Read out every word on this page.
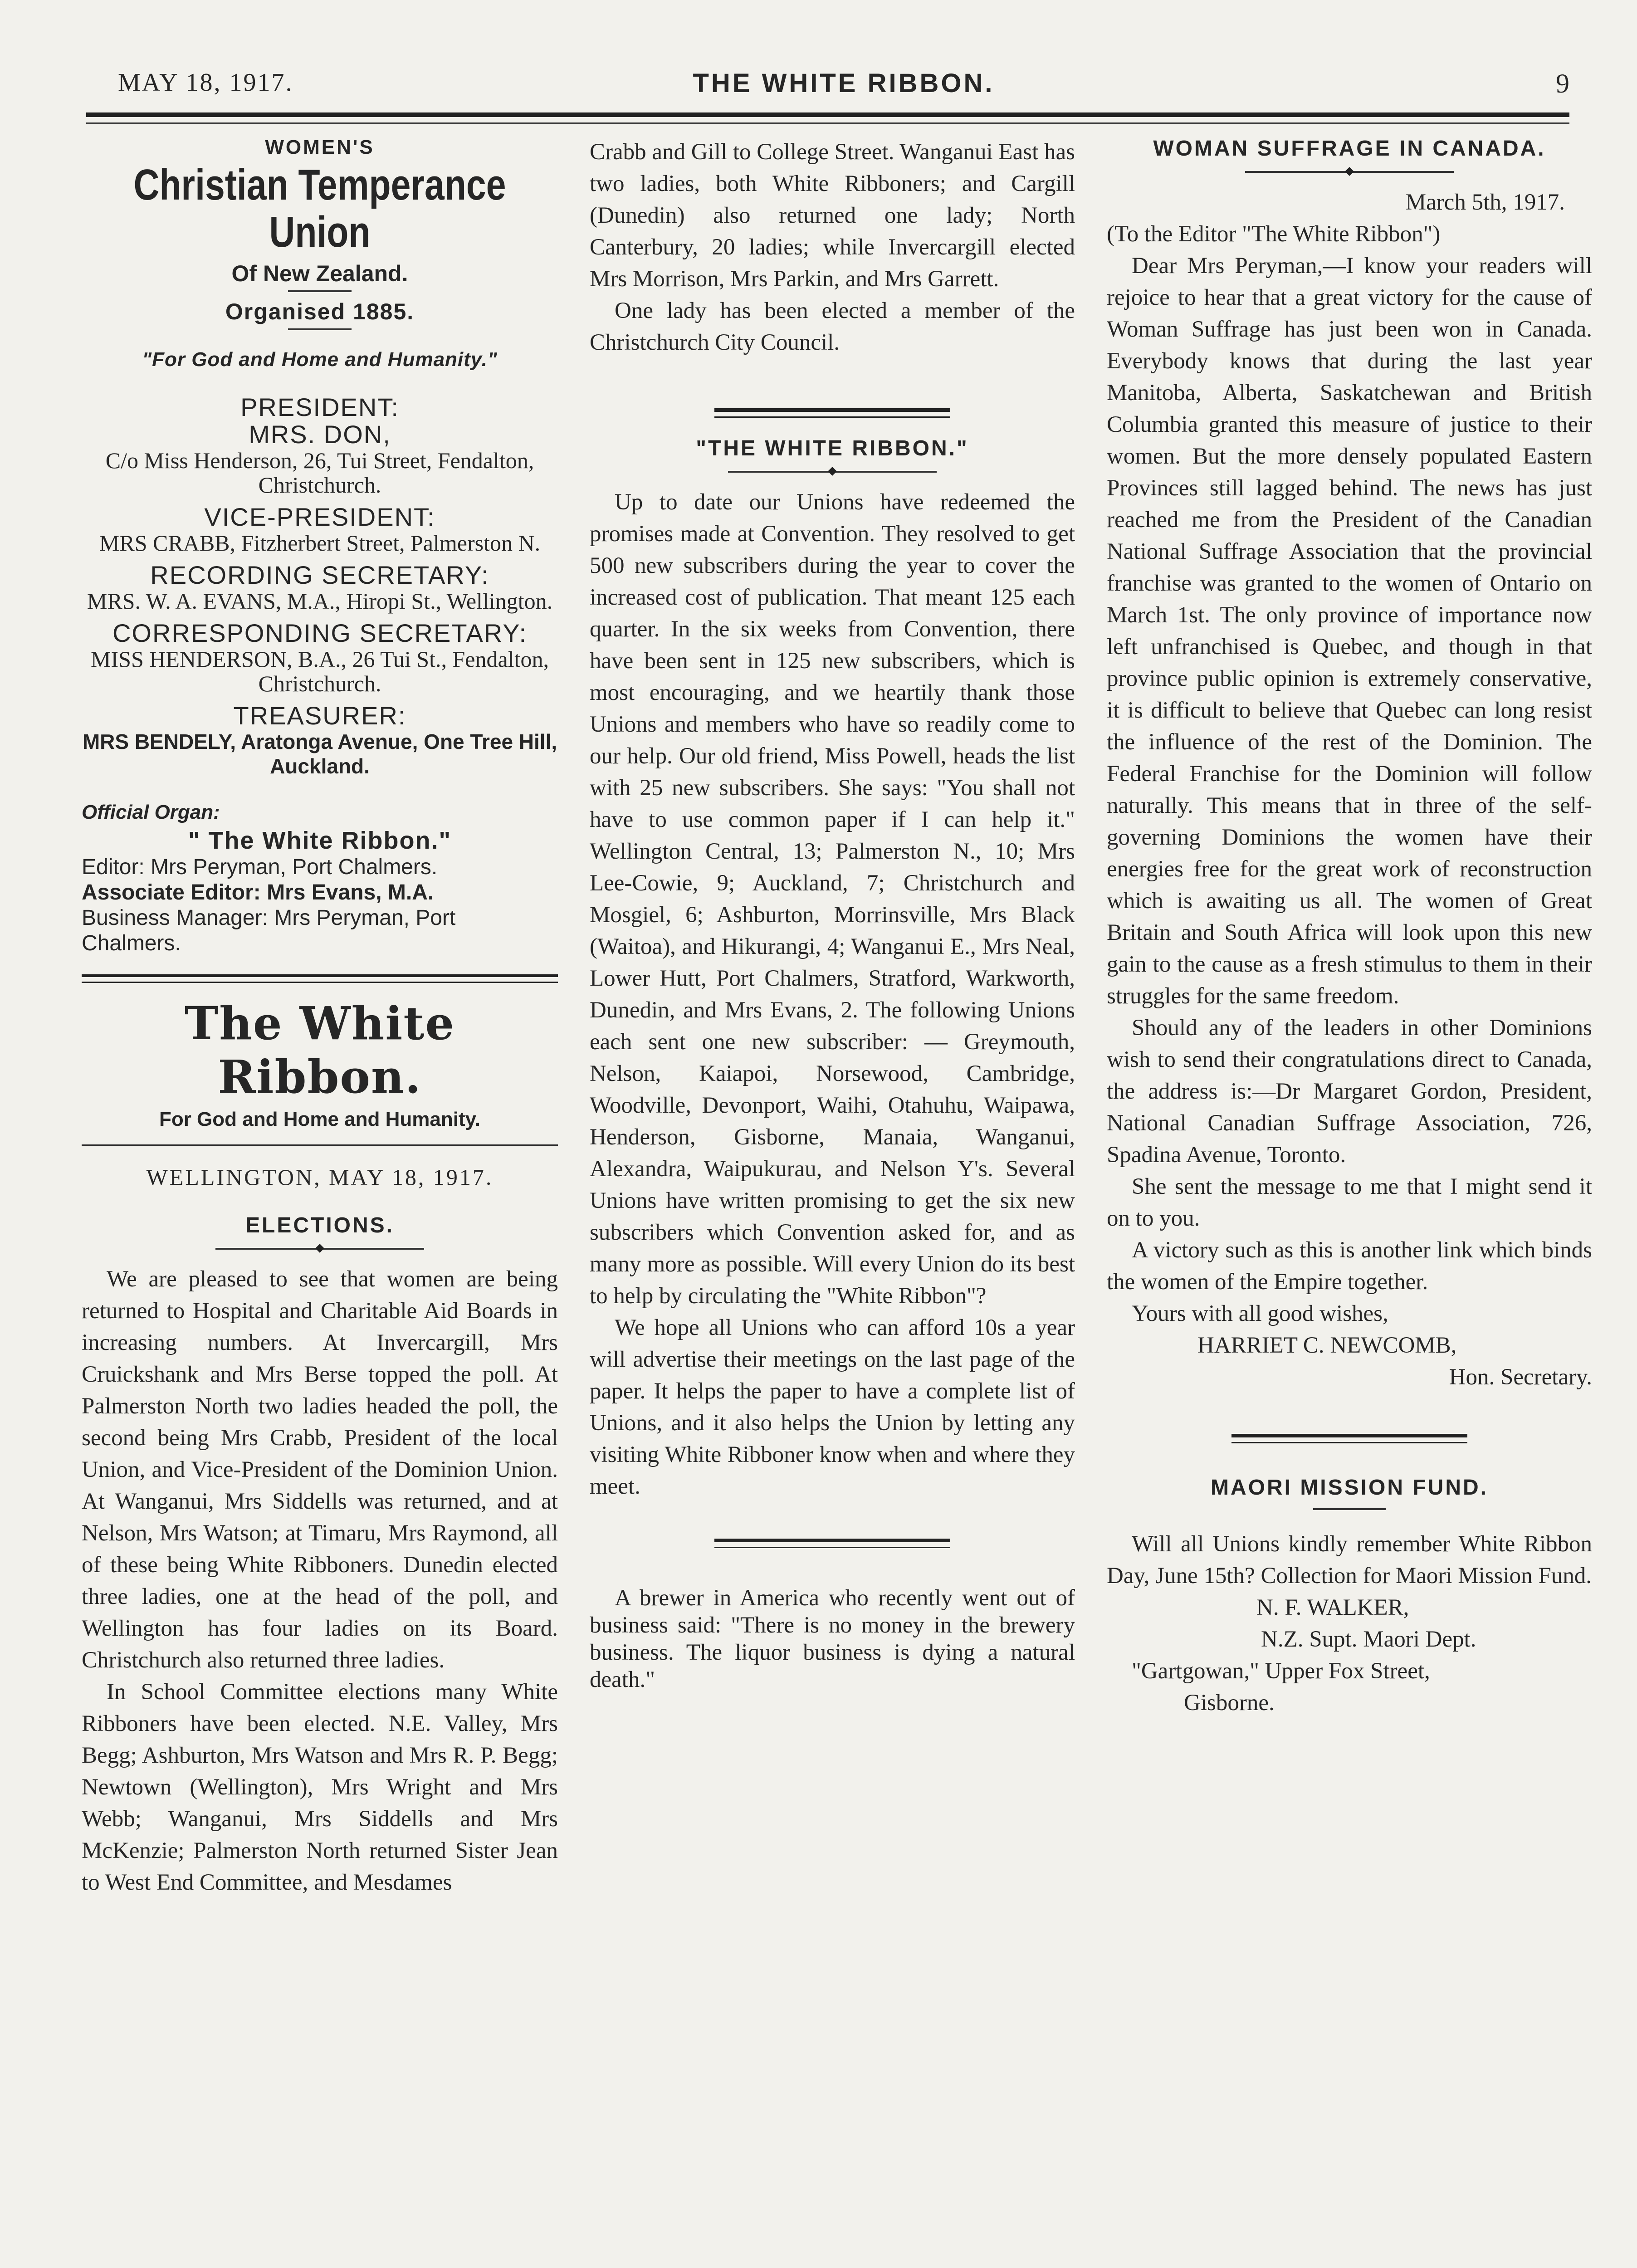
MAY 18, 1917.	THE WHITE RIBBON.	9

WOMEN'S

Christian Temperance Union

Of New Zealand.

Organised 1885.

"For God and Home and Humanity."

PRESIDENT:

MRS. DON,

C/o Miss Henderson, 26, Tui Street, Fendalton, Christchurch.

VICE-PRESIDENT:

MRS CRABB, Fitzherbert Street, Palmerston N.

RECORDING SECRETARY:

MRS. W. A. EVANS, M.A., Hiropi St., Wellington.

CORRESPONDING SECRETARY:

MISS HENDERSON, B.A., 26 Tui St., Fendalton, Christchurch.

TREASURER:

MRS BENDELY, Aratonga Avenue, One Tree Hill, Auckland.

Official Organ:

" The White Ribbon."

Editor: Mrs Peryman, Port Chalmers.

Associate Editor: Mrs Evans, M.A.

Business Manager: Mrs Peryman, Port Chalmers.

The White Ribbon.

For God and Home and Humanity.

WELLINGTON, MAY 18, 1917.

ELECTIONS.

We are pleased to see that women are being returned to Hospital and Charitable Aid Boards in increasing numbers. At Invercargill, Mrs Cruickshank and Mrs Berse topped the poll. At Palmerston North two ladies headed the poll, the second being Mrs Crabb, President of the local Union, and Vice-President of the Dominion Union. At Wanganui, Mrs Siddells was returned, and at Nelson, Mrs Watson; at Timaru, Mrs Raymond, all of these being White Ribboners. Dunedin elected three ladies, one at the head of the poll, and Wellington has four ladies on its Board. Christchurch also returned three ladies.

In School Committee elections many White Ribboners have been elected. N.E. Valley, Mrs Begg; Ashburton, Mrs Watson and Mrs R. P. Begg; Newtown (Wellington), Mrs Wright and Mrs Webb; Wanganui, Mrs Siddells and Mrs McKenzie; Palmerston North returned Sister Jean to West End Committee, and Mesdames

Crabb and Gill to College Street. Wanganui East has two ladies, both White Ribboners; and Cargill (Dunedin) also returned one lady; North Canterbury, 20 ladies; while Invercargill elected Mrs Morrison, Mrs Parkin, and Mrs Garrett.

One lady has been elected a member of the Christchurch City Council.

"THE WHITE RIBBON."

Up to date our Unions have redeemed the promises made at Convention. They resolved to get 500 new subscribers during the year to cover the increased cost of publication. That meant 125 each quarter. In the six weeks from Convention, there have been sent in 125 new subscribers, which is most encouraging, and we heartily thank those Unions and members who have so readily come to our help. Our old friend, Miss Powell, heads the list with 25 new subscribers. She says: "You shall not have to use common paper if I can help it." Wellington Central, 13; Palmerston N., 10; Mrs Lee-Cowie, 9; Auckland, 7; Christchurch and Mosgiel, 6; Ashburton, Morrinsville, Mrs Black (Waitoa), and Hikurangi, 4; Wanganui E., Mrs Neal, Lower Hutt, Port Chalmers, Stratford, Warkworth, Dunedin, and Mrs Evans, 2. The following Unions each sent one new subscriber: — Greymouth, Nelson, Kaiapoi, Norsewood, Cambridge, Woodville, Devonport, Waihi, Otahuhu, Waipawa, Henderson, Gisborne, Manaia, Wanganui, Alexandra, Waipukurau, and Nelson Y's. Several Unions have written promising to get the six new subscribers which Convention asked for, and as many more as possible. Will every Union do its best to help by circulating the "White Ribbon"?

We hope all Unions who can afford 10s a year will advertise their meetings on the last page of the paper. It helps the paper to have a complete list of Unions, and it also helps the Union by letting any visiting White Ribboner know when and where they meet.

A brewer in America who recently went out of business said: "There is no money in the brewery business. The liquor business is dying a natural death."

WOMAN SUFFRAGE IN CANADA.

March 5th, 1917.

(To the Editor "The White Ribbon")

Dear Mrs Peryman,—I know your readers will rejoice to hear that a great victory for the cause of Woman Suffrage has just been won in Canada. Everybody knows that during the last year Manitoba, Alberta, Saskatchewan and British Columbia granted this measure of justice to their women. But the more densely populated Eastern Provinces still lagged behind. The news has just reached me from the President of the Canadian National Suffrage Association that the provincial franchise was granted to the women of Ontario on March 1st. The only province of importance now left unfranchised is Quebec, and though in that province public opinion is extremely conservative, it is difficult to believe that Quebec can long resist the influence of the rest of the Dominion. The Federal Franchise for the Dominion will follow naturally. This means that in three of the self-governing Dominions the women have their energies free for the great work of reconstruction which is awaiting us all. The women of Great Britain and South Africa will look upon this new gain to the cause as a fresh stimulus to them in their struggles for the same freedom.

Should any of the leaders in other Dominions wish to send their congratulations direct to Canada, the address is:—Dr Margaret Gordon, President, National Canadian Suffrage Association, 726, Spadina Avenue, Toronto.

She sent the message to me that I might send it on to you.

A victory such as this is another link which binds the women of the Empire together.

Yours with all good wishes,

HARRIET C. NEWCOMB,

Hon. Secretary.

MAORI MISSION FUND.

Will all Unions kindly remember White Ribbon Day, June 15th? Collection for Maori Mission Fund.

N. F. WALKER,

N.Z. Supt. Maori Dept.

"Gartgowan," Upper Fox Street,

Gisborne.
